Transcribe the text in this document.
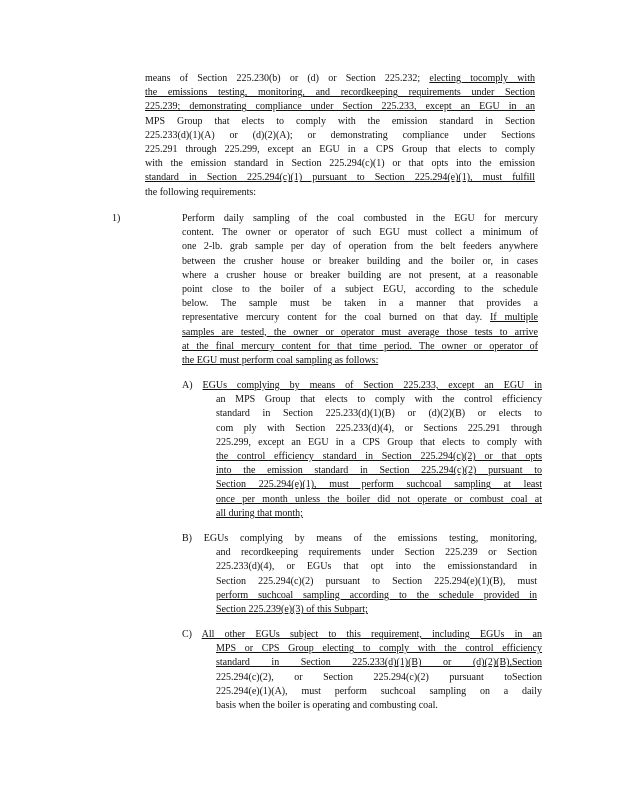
means of Section 225.230(b) or (d) or Section 225.232; electing tocomply with
the emissions testing, monitoring, and recordkeeping requirements under Section
225.239; demonstrating compliance under Section 225.233, except an EGU in an
MPS Group that elects to comply with the emission standard in Section
225.233(d)(1)(A) or (d)(2)(A); or demonstrating compliance under Sections
225.291 through 225.299, except an EGU in a CPS Group that elects to comply
with the emission standard in Section 225.294(c)(1) or that opts into the emission
standard in Section 225.294(c)(1) pursuant to Section 225.294(e)(1), must fulfill
the following requirements:
1)	Perform daily sampling of the coal combusted in the EGU for mercury
content. The owner or operator of such EGU must collect a minimum of
one 2-lb. grab sample per day of operation from the belt feeders anywhere
between the crusher house or breaker building and the boiler or, in cases
where a crusher house or breaker building are not present, at a reasonable
point close to the boiler of a subject EGU, according to the schedule
below. The sample must be taken in a manner that provides a
representative mercury content for the coal burned on that day. If multiple
samples are tested, the owner or operator must average those tests to arrive
at the final mercury content for that time period. The owner or operator of
the EGU must perform coal sampling as follows:
A) EGUs complying by means of Section 225.233, except an EGU in
an MPS Group that elects to comply with the control efficiency
standard in Section 225.233(d)(1)(B) or (d)(2)(B) or elects to
com ply with Section 225.233(d)(4), or Sections 225.291 through
225.299, except an EGU in a CPS Group that elects to comply with
the control efficiency standard in Section 225.294(c)(2) or that opts
into the emission standard in Section 225.294(c)(2) pursuant to
Section 225.294(e)(1), must perform suchcoal sampling at least
once per month unless the boiler did not operate or combust coal at
all during that month;
B) EGUs complying by means of the emissions testing, monitoring,
and recordkeeping requirements under Section 225.239 or Section
225.233(d)(4), or EGUs that opt into the emissionstandard in
Section 225.294(c)(2) pursuant to Section 225.294(e)(1)(B), must
perform suchcoal sampling according to the schedule provided in
Section 225.239(e)(3) of this Subpart;
C) All other EGUs subject to this requirement, including EGUs in an
MPS or CPS Group electing to comply with the control efficiency
standard in Section 225.233(d)(1)(B) or (d)(2)(B),Section
225.294(c)(2), or Section 225.294(c)(2) pursuant toSection
225.294(e)(1)(A), must perform suchcoal sampling on a daily
basis when the boiler is operating and combusting coal.
